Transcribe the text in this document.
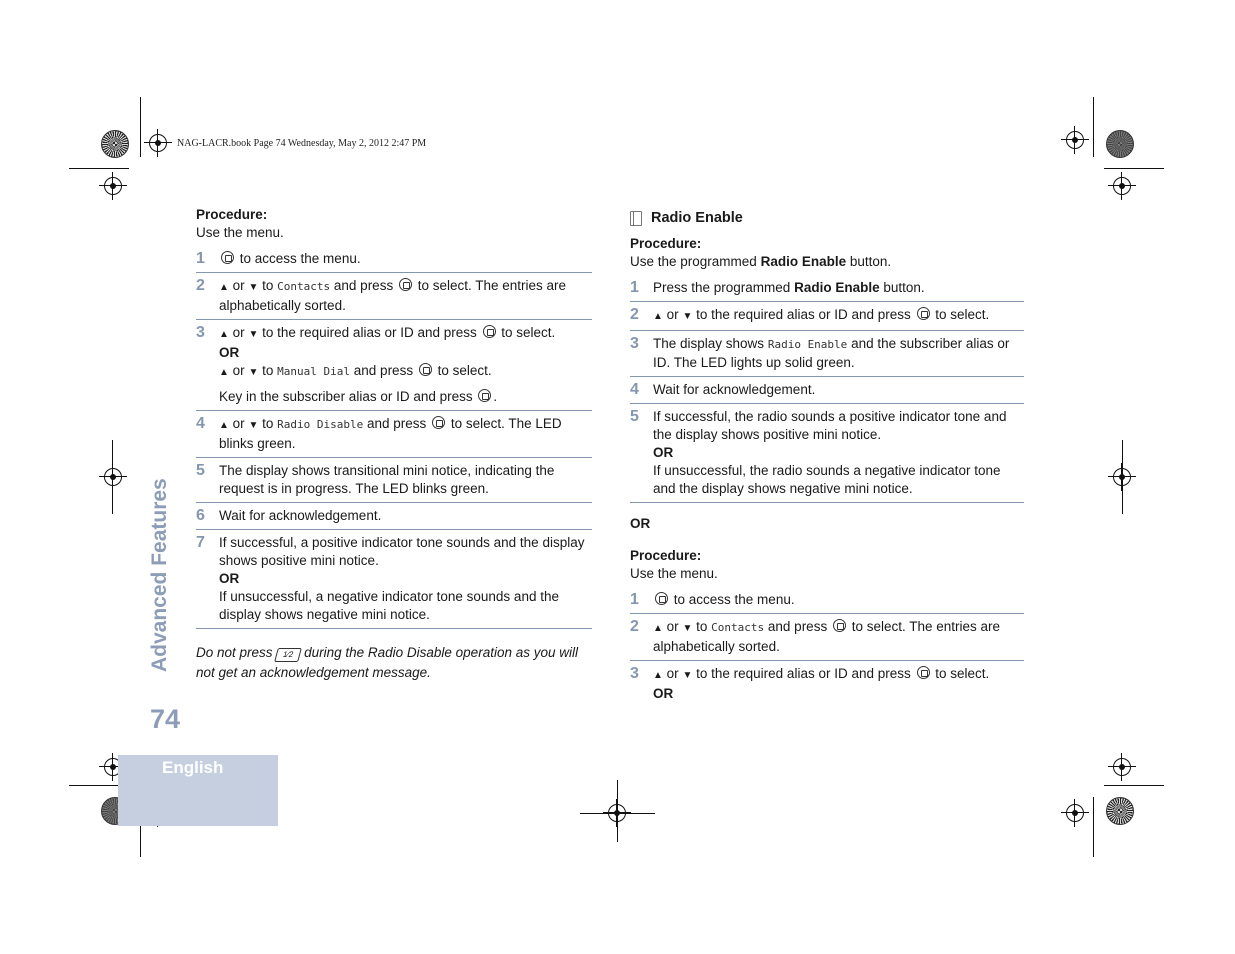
NAG-LACR.book Page 74 Wednesday, May 2, 2012 2:47 PM
Advanced Features
74
English
Procedure:
Use the menu.
1	to access the menu.
2	▲ or ▼ to Contacts and press to select. The entries are alphabetically sorted.
3	▲ or ▼ to the required alias or ID and press to select.
OR
▲ or ▼ to Manual Dial and press to select.
Key in the subscriber alias or ID and press .
4	▲ or ▼ to Radio Disable and press to select. The LED blinks green.
5	The display shows transitional mini notice, indicating the request is in progress. The LED blinks green.
6	Wait for acknowledgement.
7	If successful, a positive indicator tone sounds and the display shows positive mini notice.
OR
If unsuccessful, a negative indicator tone sounds and the display shows negative mini notice.
Do not press 1⁄2 during the Radio Disable operation as you will not get an acknowledgement message.
Radio Enable
Procedure:
Use the programmed Radio Enable button.
1	Press the programmed Radio Enable button.
2	▲ or ▼ to the required alias or ID and press to select.
3	The display shows Radio Enable and the subscriber alias or ID. The LED lights up solid green.
4	Wait for acknowledgement.
5	If successful, the radio sounds a positive indicator tone and the display shows positive mini notice.
OR
If unsuccessful, the radio sounds a negative indicator tone and the display shows negative mini notice.
OR
Procedure:
Use the menu.
1	to access the menu.
2	▲ or ▼ to Contacts and press to select. The entries are alphabetically sorted.
3	▲ or ▼ to the required alias or ID and press to select.
OR
